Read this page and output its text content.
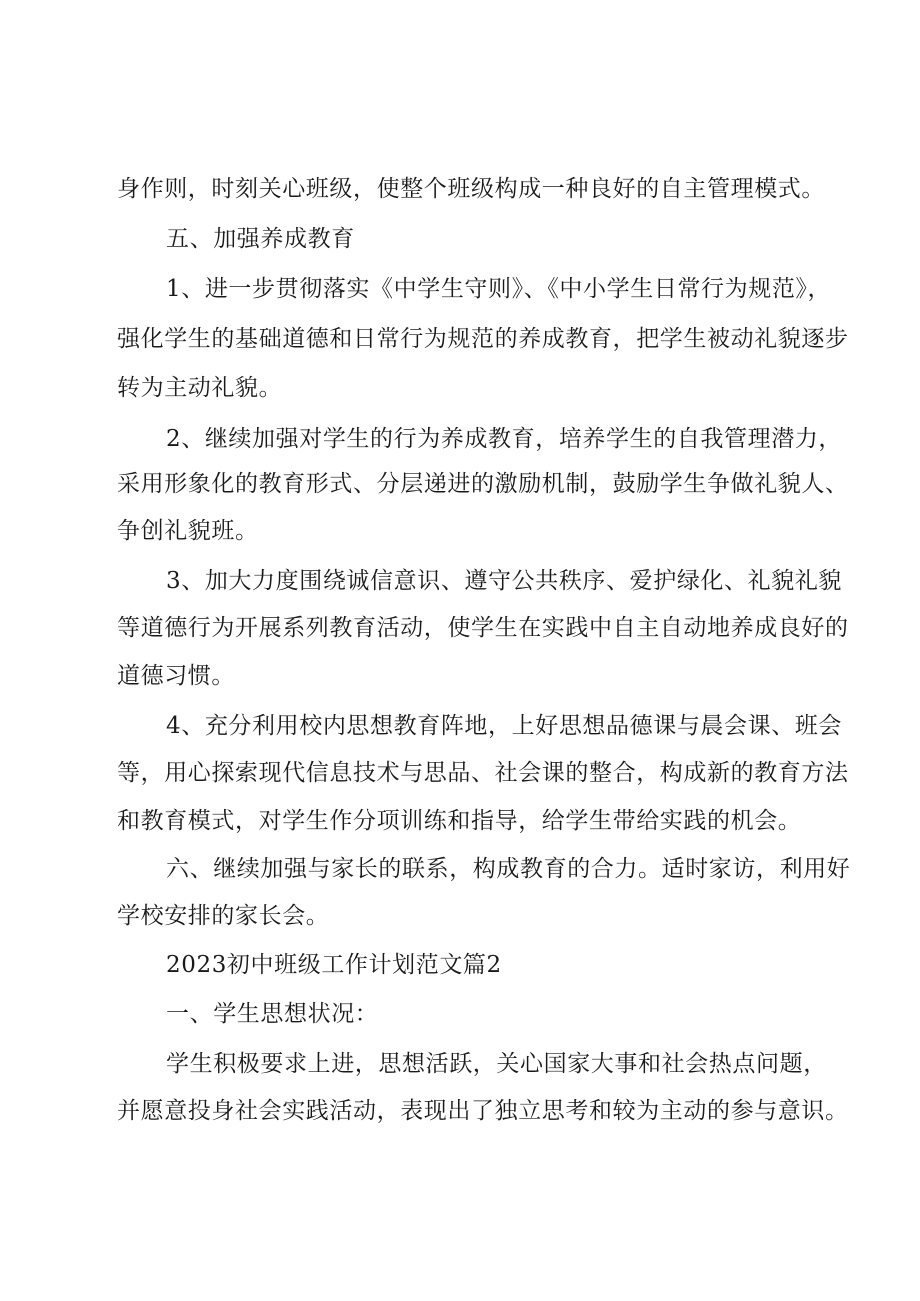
身作则，时刻关心班级，使整个班级构成一种良好的自主管理模式。
五、加强养成教育
1、进一步贯彻落实《中学生守则》、《中小学生日常行为规范》，
强化学生的基础道德和日常行为规范的养成教育，把学生被动礼貌逐步
转为主动礼貌。
2、继续加强对学生的行为养成教育，培养学生的自我管理潜力，
采用形象化的教育形式、分层递进的激励机制，鼓励学生争做礼貌人、
争创礼貌班。
3、加大力度围绕诚信意识、遵守公共秩序、爱护绿化、礼貌礼貌
等道德行为开展系列教育活动，使学生在实践中自主自动地养成良好的
道德习惯。
4、充分利用校内思想教育阵地，上好思想品德课与晨会课、班会
等，用心探索现代信息技术与思品、社会课的整合，构成新的教育方法
和教育模式，对学生作分项训练和指导，给学生带给实践的机会。
六、继续加强与家长的联系，构成教育的合力。适时家访，利用好
学校安排的家长会。
2023初中班级工作计划范文篇2
一、学生思想状况：
学生积极要求上进，思想活跃，关心国家大事和社会热点问题，
并愿意投身社会实践活动，表现出了独立思考和较为主动的参与意识。
